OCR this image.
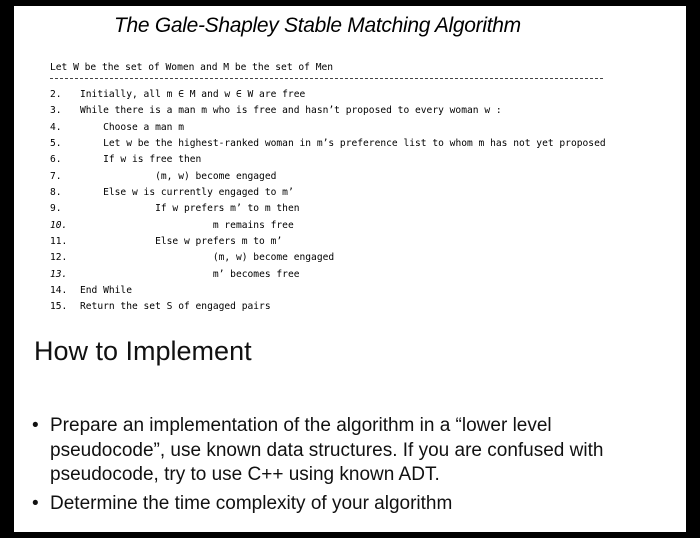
The Gale-Shapley Stable Matching Algorithm
Let W be the set of Women and M be the set of Men
2.	Initially, all m ∈ M and w ∈ W are free
3.	While there is a man m who is free and hasn’t proposed to every woman w :
4.	Choose a man m
5.	Let w be the highest-ranked woman in m’s preference list to whom m has not yet proposed
6.	If w is free then
7.	(m, w) become engaged
8.	Else w is currently engaged to m’
9.	If w prefers m’ to m then
10.	m remains free
11.	Else w prefers m to m’
12.	(m, w) become engaged
13.	m’ becomes free
14.	End While
15.	Return the set S of engaged pairs
How to Implement
• Prepare an implementation of the algorithm in a “lower level pseudocode”, use known data structures. If you are confused with pseudocode, try to use C++ using known ADT.
• Determine the time complexity of your algorithm
